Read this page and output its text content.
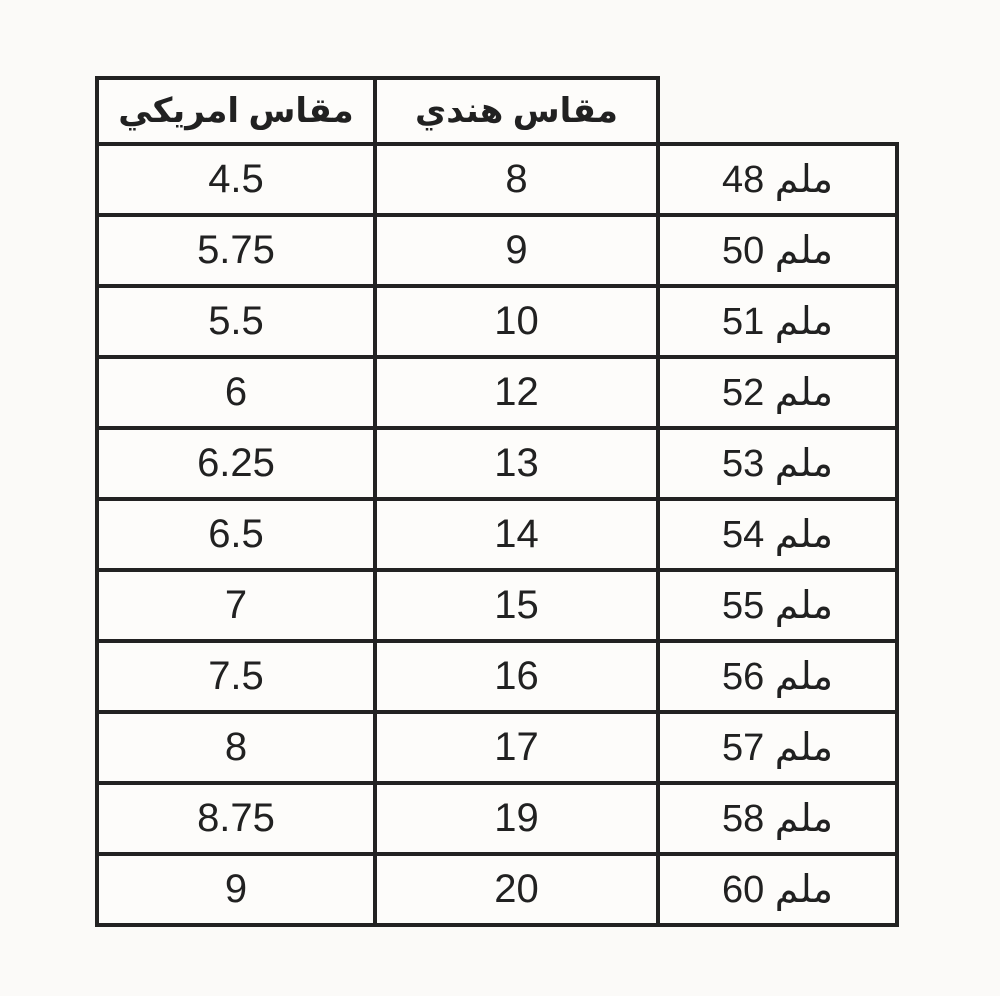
	مقاس هندي	مقاس امريكي
48 ملم	8	4.5
50 ملم	9	5.75
51 ملم	10	5.5
52 ملم	12	6
53 ملم	13	6.25
54 ملم	14	6.5
55 ملم	15	7
56 ملم	16	7.5
57 ملم	17	8
58 ملم	19	8.75
60 ملم	20	9
